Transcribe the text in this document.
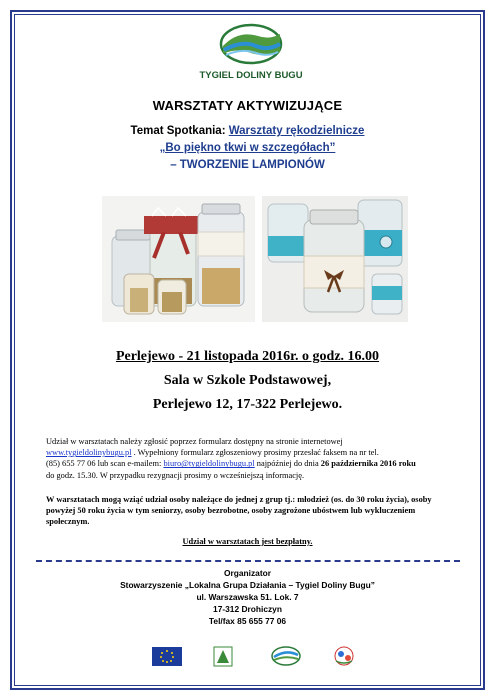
TYGIEL DOLINY BUGU
WARSZTATY AKTYWIZUJĄCE
Temat Spotkania: Warsztaty rękodzielnicze
„Bo piękno tkwi w szczegółach”
– TWORZENIE LAMPIONÓW
Perlejewo - 21 listopada 2016r. o godz. 16.00
Sala w Szkole Podstawowej,
Perlejewo 12, 17-322 Perlejewo.
Udział w warsztatach należy zgłosić poprzez formularz dostępny na stronie internetowej
www.tygieldolinybugu.pl . Wypełniony formularz zgłoszeniowy prosimy przesłać faksem na nr tel.
(85) 655 77 06 lub scan e-mailem: biuro@tygieldolinybugu.pl najpóźniej do dnia 26 października 2016 roku
do godz. 15.30. W przypadku rezygnacji prosimy o wcześniejszą informację.
W warsztatach mogą wziąć udział osoby należące do jednej z grup tj.: młodzież (os. do 30 roku życia), osoby powyżej 50 roku życia w tym seniorzy, osoby bezrobotne, osoby zagrożone ubóstwem lub wykluczeniem społecznym.
Udział w warsztatach jest bezpłatny.
Organizator
Stowarzyszenie „Lokalna Grupa Działania – Tygiel Doliny Bugu”
ul. Warszawska 51. Lok. 7
17-312 Drohiczyn
Tel/fax 85 655 77 06
